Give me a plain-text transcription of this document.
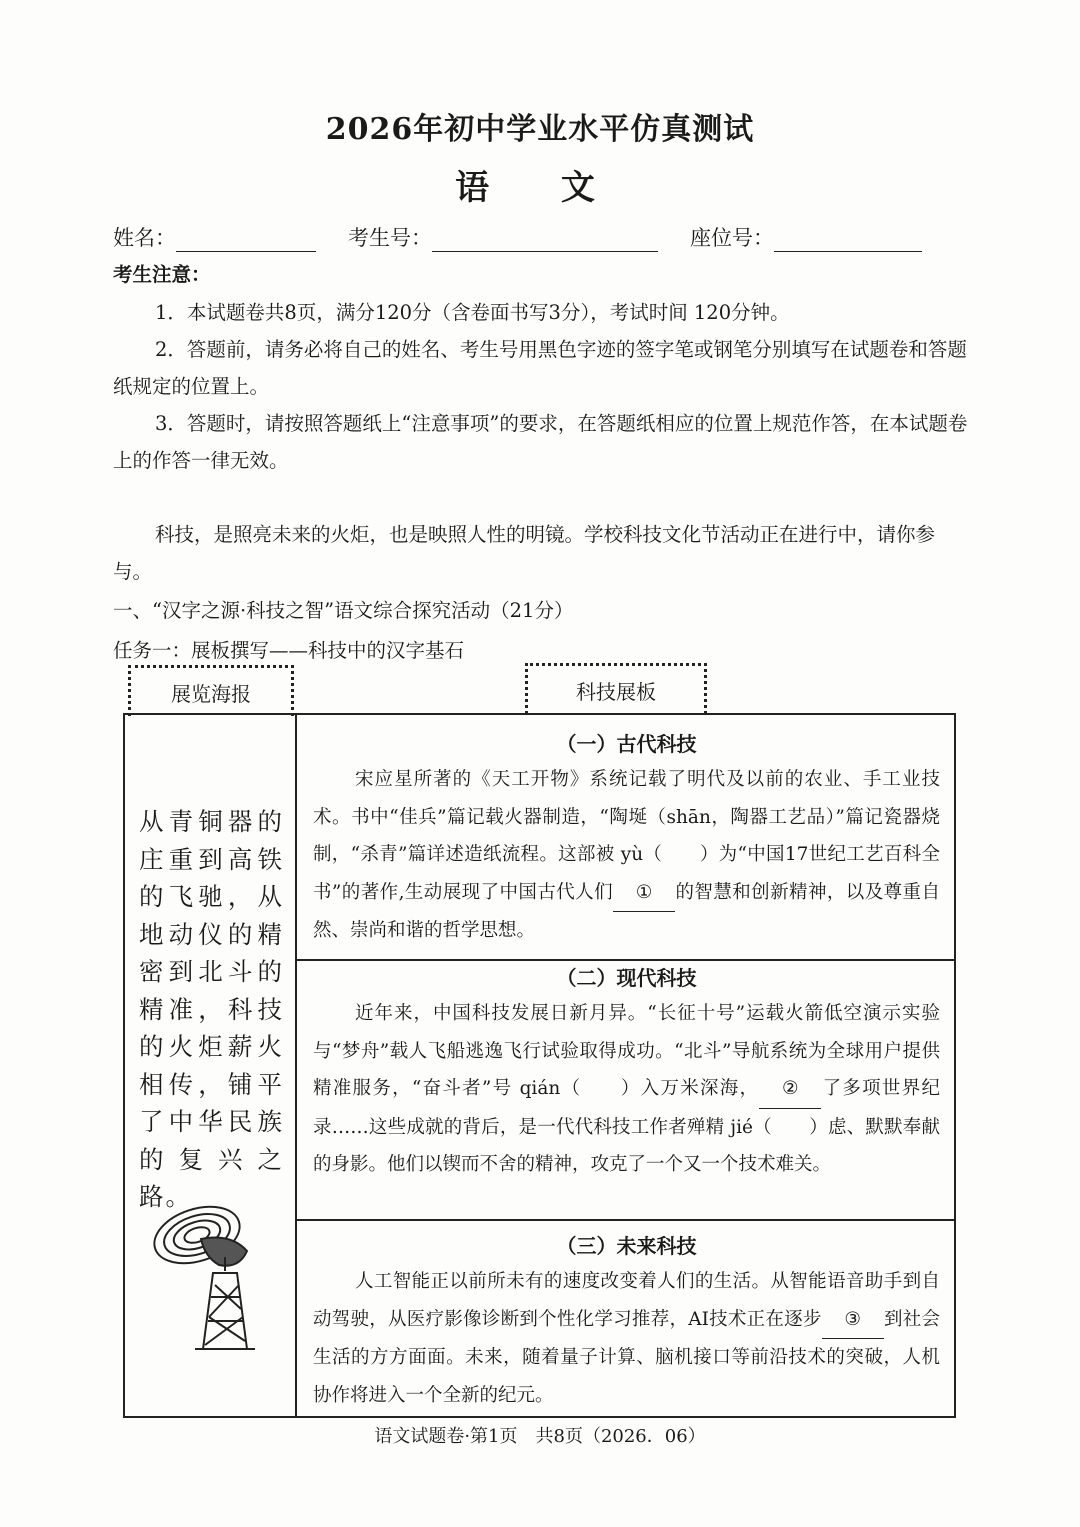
2026年初中学业水平仿真测试
语 文
姓名：	考生号：	座位号：
考生注意：
1．本试题卷共8页，满分120分（含卷面书写3分），考试时间 120分钟。
2．答题前，请务必将自己的姓名、考生号用黑色字迹的签字笔或钢笔分别填写在试题卷和答题纸规定的位置上。
3．答题时，请按照答题纸上“注意事项”的要求，在答题纸相应的位置上规范作答，在本试题卷上的作答一律无效。
科技，是照亮未来的火炬，也是映照人性的明镜。学校科技文化节活动正在进行中，请你参与。
一、“汉字之源·科技之智”语文综合探究活动（21分）
任务一：展板撰写——科技中的汉字基石
展览海报	科技展板
从青铜器的庄重到高铁的飞驰，从地动仪的精密到北斗的精准，科技的火炬薪火相传，铺平了中华民族的复兴之路。
（一）古代科技

宋应星所著的《天工开物》系统记载了明代及以前的农业、手工业技术。书中“佳兵”篇记载火器制造，“陶埏（shān，陶器工艺品）”篇记瓷器烧制，“杀青”篇详述造纸流程。这部被 yù（　　）为“中国17世纪工艺百科全书”的著作,生动展现了中国古代人们 ① 的智慧和创新精神，以及尊重自然、崇尚和谐的哲学思想。

（二）现代科技

近年来，中国科技发展日新月异。“长征十号”运载火箭低空演示实验与“梦舟”载人飞船逃逸飞行试验取得成功。“北斗”导航系统为全球用户提供精准服务，“奋斗者”号 qián（　　）入万米深海， ② 了多项世界纪录……这些成就的背后，是一代代科技工作者殚精 jié（　　）虑、默默奉献的身影。他们以锲而不舍的精神，攻克了一个又一个技术难关。

（三）未来科技

人工智能正以前所未有的速度改变着人们的生活。从智能语音助手到自动驾驶，从医疗影像诊断到个性化学习推荐，AI技术正在逐步 ③ 到社会生活的方方面面。未来，随着量子计算、脑机接口等前沿技术的突破，人机协作将进入一个全新的纪元。

语文试题卷·第1页　共8页（2026．06）
